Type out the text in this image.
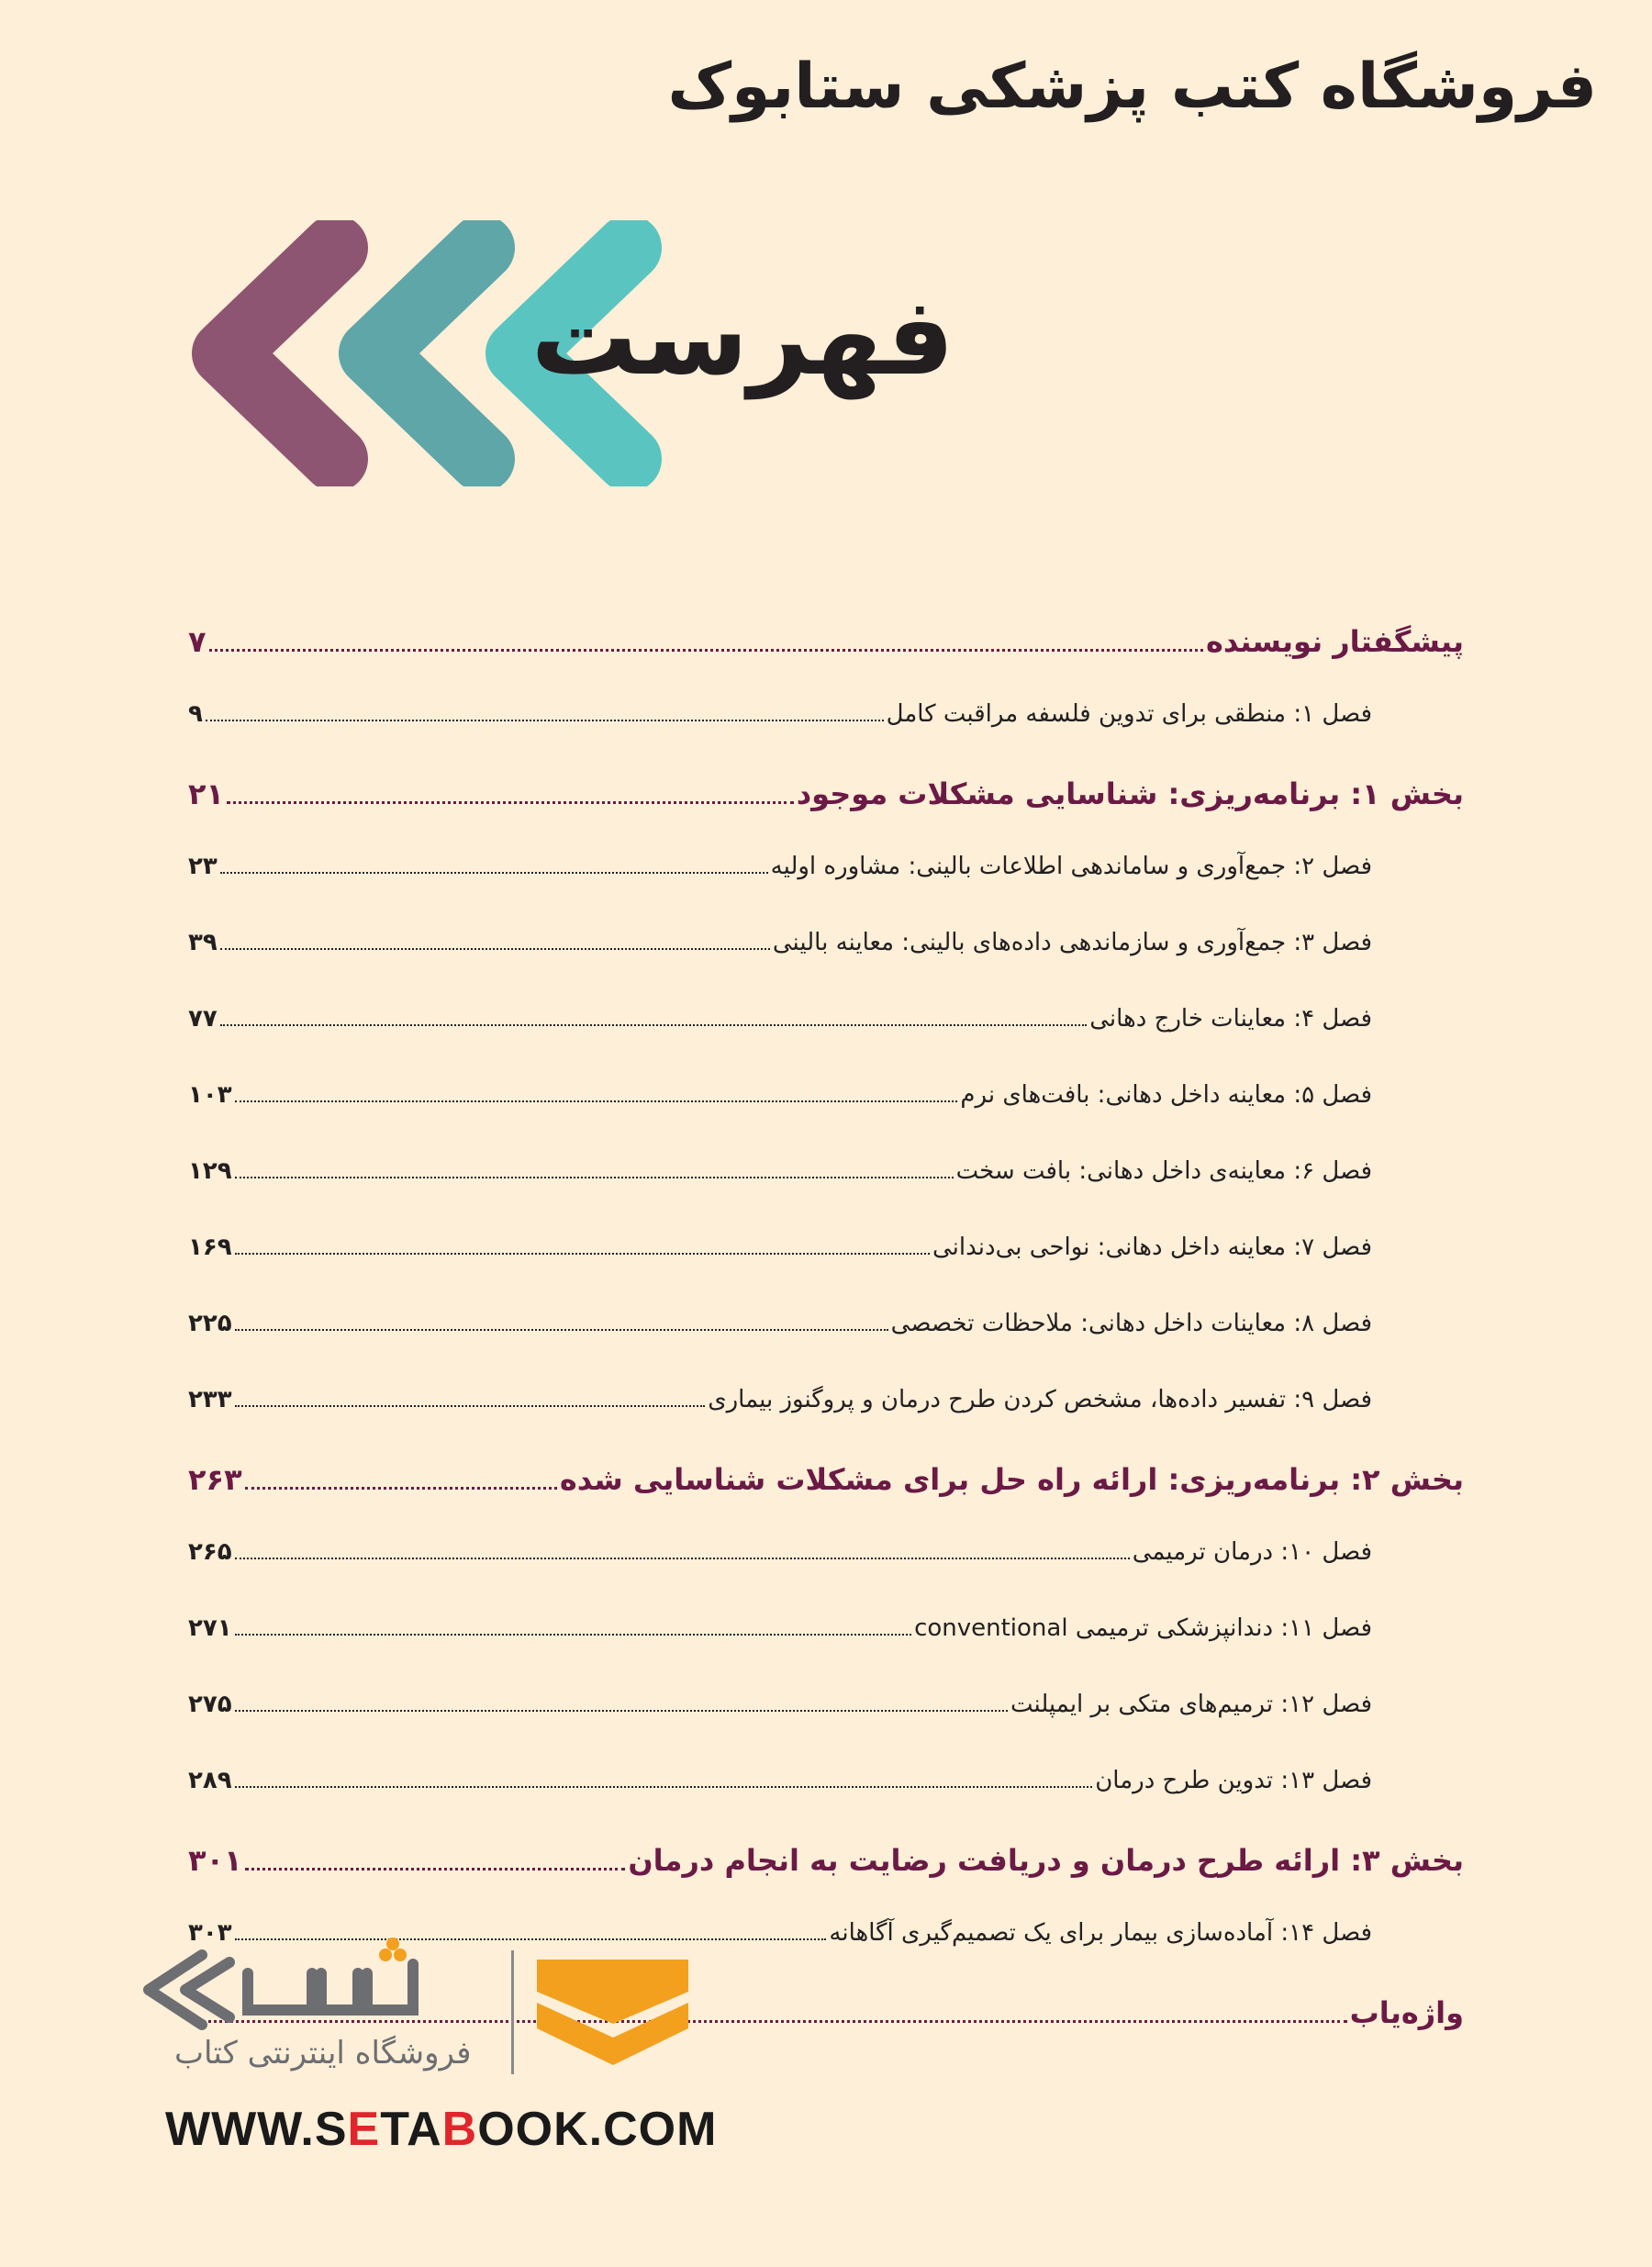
فروشگاه کتب پزشکی ستابوک
فهرست
پیشگفتار نویسنده
۷
فصل ۱: منطقی برای تدوین فلسفه مراقبت کامل
۹
بخش ۱: برنامه‌ریزی: شناسایی مشکلات موجود
۲۱
فصل ۲: جمع‌آوری و ساماندهی اطلاعات بالینی: مشاوره اولیه
۲۳
فصل ۳: جمع‌آوری و سازماندهی داده‌های بالینی: معاینه بالینی
۳۹
فصل ۴: معاینات خارج دهانی
۷۷
فصل ۵: معاینه داخل دهانی: بافت‌های نرم
۱۰۳
فصل ۶: معاینه‌ی داخل دهانی: بافت سخت
۱۲۹
فصل ۷: معاینه داخل دهانی: نواحی بی‌دندانی
۱۶۹
فصل ۸: معاینات داخل دهانی: ملاحظات تخصصی
۲۲۵
فصل ۹: تفسیر داده‌ها، مشخص کردن طرح درمان و پروگنوز بیماری
۲۳۳
بخش ۲: برنامه‌ریزی: ارائه راه حل برای مشکلات شناسایی شده
۲۶۳
فصل ۱۰: درمان ترمیمی
۲۶۵
فصل ۱۱: دندانپزشکی ترمیمی conventional
۲۷۱
فصل ۱۲: ترمیم‌های متکی بر ایمپلنت
۲۷۵
فصل ۱۳: تدوین طرح درمان
۲۸۹
بخش ۳: ارائه طرح درمان و دریافت رضایت به انجام درمان
۳۰۱
فصل ۱۴: آماده‌سازی بیمار برای یک تصمیم‌گیری آگاهانه
۳۰۳
واژه‌یاب
فروشگاه اینترنتی کتاب
WWW.SETABOOK.COM
